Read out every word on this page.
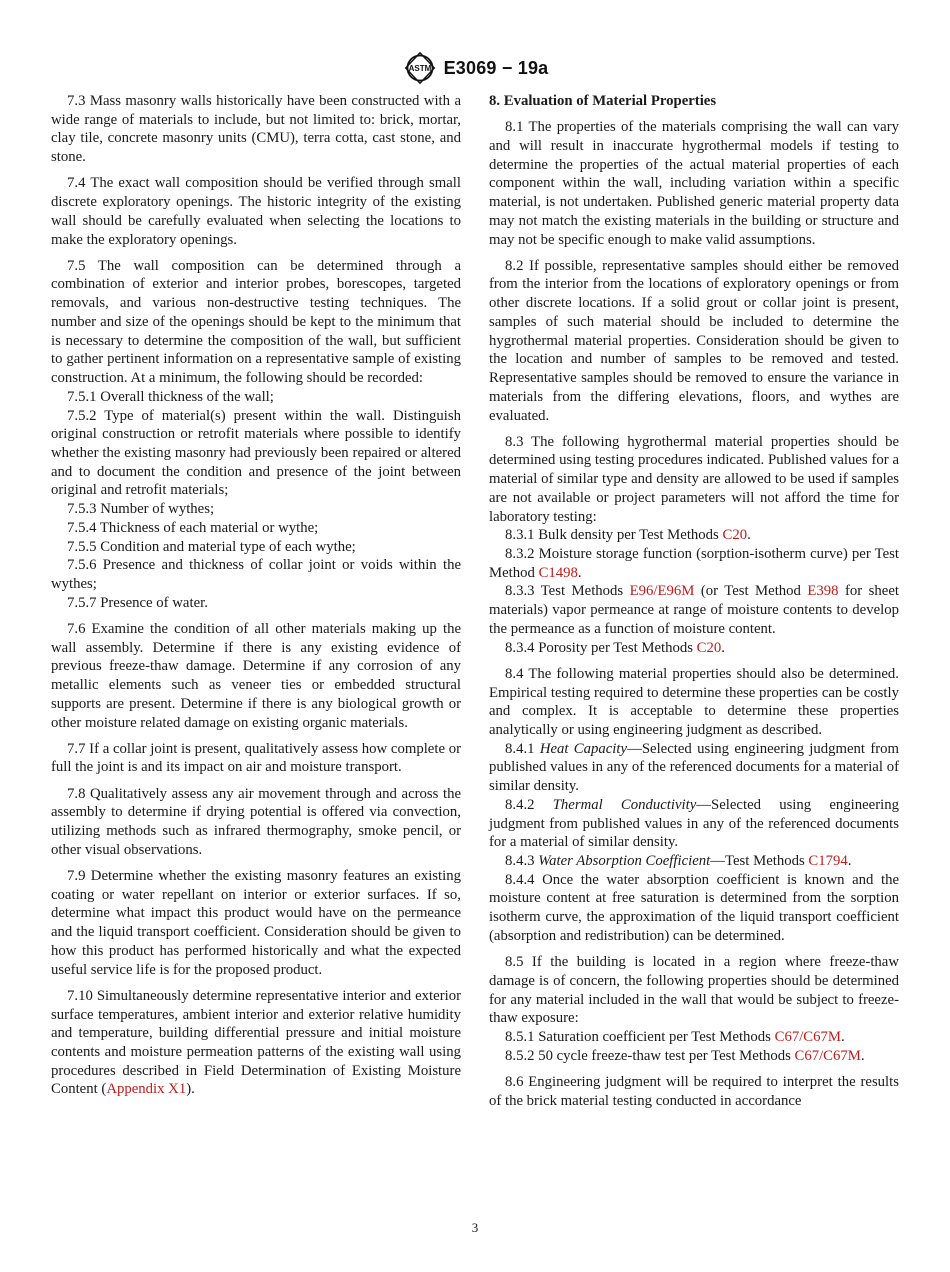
ASTM E3069 − 19a

7.3 Mass masonry walls historically have been constructed with a wide range of materials to include, but not limited to: brick, mortar, clay tile, concrete masonry units (CMU), terra cotta, cast stone, and stone.

7.4 The exact wall composition should be verified through small discrete exploratory openings. The historic integrity of the existing wall should be carefully evaluated when selecting the locations to make the exploratory openings.

7.5 The wall composition can be determined through a combination of exterior and interior probes, borescopes, targeted removals, and various non-destructive testing techniques. The number and size of the openings should be kept to the minimum that is necessary to determine the composition of the wall, but sufficient to gather pertinent information on a representative sample of existing construction. At a minimum, the following should be recorded:

7.5.1 Overall thickness of the wall;

7.5.2 Type of material(s) present within the wall. Distinguish original construction or retrofit materials where possible to identify whether the existing masonry had previously been repaired or altered and to document the condition and presence of the joint between original and retrofit materials;

7.5.3 Number of wythes;

7.5.4 Thickness of each material or wythe;

7.5.5 Condition and material type of each wythe;

7.5.6 Presence and thickness of collar joint or voids within the wythes;

7.5.7 Presence of water.

7.6 Examine the condition of all other materials making up the wall assembly. Determine if there is any existing evidence of previous freeze-thaw damage. Determine if any corrosion of any metallic elements such as veneer ties or embedded structural supports are present. Determine if there is any biological growth or other moisture related damage on existing organic materials.

7.7 If a collar joint is present, qualitatively assess how complete or full the joint is and its impact on air and moisture transport.

7.8 Qualitatively assess any air movement through and across the assembly to determine if drying potential is offered via convection, utilizing methods such as infrared thermography, smoke pencil, or other visual observations.

7.9 Determine whether the existing masonry features an existing coating or water repellant on interior or exterior surfaces. If so, determine what impact this product would have on the permeance and the liquid transport coefficient. Consideration should be given to how this product has performed historically and what the expected useful service life is for the proposed product.

7.10 Simultaneously determine representative interior and exterior surface temperatures, ambient interior and exterior relative humidity and temperature, building differential pressure and initial moisture contents and moisture permeation patterns of the existing wall using procedures described in Field Determination of Existing Moisture Content (Appendix X1).

8. Evaluation of Material Properties

8.1 The properties of the materials comprising the wall can vary and will result in inaccurate hygrothermal models if testing to determine the properties of the actual material properties of each component within the wall, including variation within a specific material, is not undertaken. Published generic material property data may not match the existing materials in the building or structure and may not be specific enough to make valid assumptions.

8.2 If possible, representative samples should either be removed from the interior from the locations of exploratory openings or from other discrete locations. If a solid grout or collar joint is present, samples of such material should be included to determine the hygrothermal material properties. Consideration should be given to the location and number of samples to be removed and tested. Representative samples should be removed to ensure the variance in materials from the differing elevations, floors, and wythes are evaluated.

8.3 The following hygrothermal material properties should be determined using testing procedures indicated. Published values for a material of similar type and density are allowed to be used if samples are not available or project parameters will not afford the time for laboratory testing:

8.3.1 Bulk density per Test Methods C20.

8.3.2 Moisture storage function (sorption-isotherm curve) per Test Method C1498.

8.3.3 Test Methods E96/E96M (or Test Method E398 for sheet materials) vapor permeance at range of moisture contents to develop the permeance as a function of moisture content.

8.3.4 Porosity per Test Methods C20.

8.4 The following material properties should also be determined. Empirical testing required to determine these properties can be costly and complex. It is acceptable to determine these properties analytically or using engineering judgment as described.

8.4.1 Heat Capacity—Selected using engineering judgment from published values in any of the referenced documents for a material of similar density.

8.4.2 Thermal Conductivity—Selected using engineering judgment from published values in any of the referenced documents for a material of similar density.

8.4.3 Water Absorption Coefficient—Test Methods C1794.

8.4.4 Once the water absorption coefficient is known and the moisture content at free saturation is determined from the sorption isotherm curve, the approximation of the liquid transport coefficient (absorption and redistribution) can be determined.

8.5 If the building is located in a region where freeze-thaw damage is of concern, the following properties should be determined for any material included in the wall that would be subject to freeze-thaw exposure:

8.5.1 Saturation coefficient per Test Methods C67/C67M.

8.5.2 50 cycle freeze-thaw test per Test Methods C67/C67M.

8.6 Engineering judgment will be required to interpret the results of the brick material testing conducted in accordance

3
